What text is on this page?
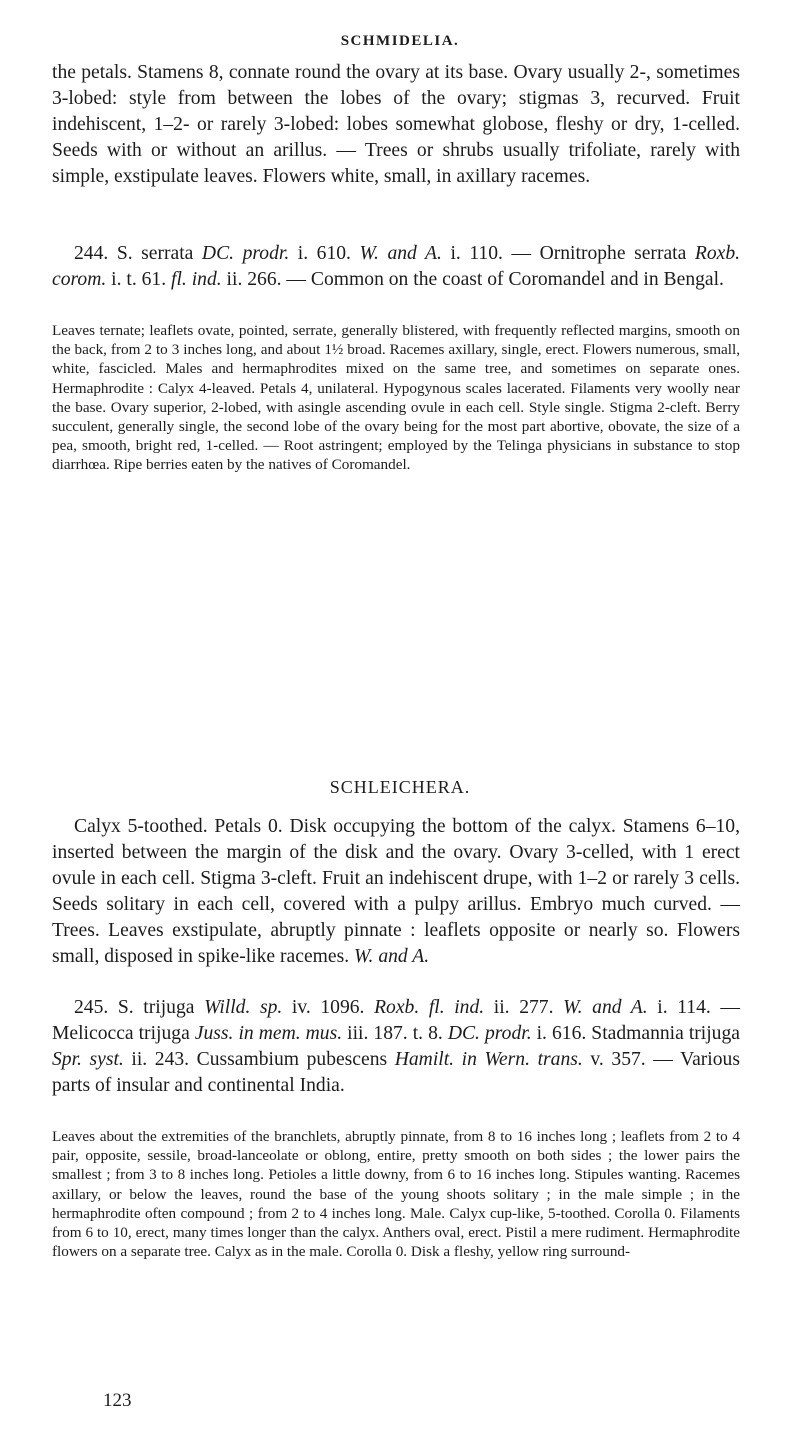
SCHMIDELIA.

the petals. Stamens 8, connate round the ovary at its base. Ovary usually 2-, sometimes 3-lobed: style from between the lobes of the ovary; stigmas 3, recurved. Fruit indehiscent, 1–2- or rarely 3-lobed: lobes somewhat globose, fleshy or dry, 1-celled. Seeds with or without an arillus. — Trees or shrubs usually trifoliate, rarely with simple, exstipulate leaves. Flowers white, small, in axillary racemes.

244. S. serrata DC. prodr. i. 610. W. and A. i. 110. — Ornitrophe serrata Roxb. corom. i. t. 61. fl. ind. ii. 266. — Common on the coast of Coromandel and in Bengal.

Leaves ternate; leaflets ovate, pointed, serrate, generally blistered, with frequently reflected margins, smooth on the back, from 2 to 3 inches long, and about 1½ broad. Racemes axillary, single, erect. Flowers numerous, small, white, fascicled. Males and hermaphrodites mixed on the same tree, and sometimes on separate ones. Hermaphrodite : Calyx 4-leaved. Petals 4, unilateral. Hypogynous scales lacerated. Filaments very woolly near the base. Ovary superior, 2-lobed, with asingle ascending ovule in each cell. Style single. Stigma 2-cleft. Berry succulent, generally single, the second lobe of the ovary being for the most part abortive, obovate, the size of a pea, smooth, bright red, 1-celled. — Root astringent; employed by the Telinga physicians in substance to stop diarrhœa. Ripe berries eaten by the natives of Coromandel.

SCHLEICHERA.

Calyx 5-toothed. Petals 0. Disk occupying the bottom of the calyx. Stamens 6–10, inserted between the margin of the disk and the ovary. Ovary 3-celled, with 1 erect ovule in each cell. Stigma 3-cleft. Fruit an indehiscent drupe, with 1–2 or rarely 3 cells. Seeds solitary in each cell, covered with a pulpy arillus. Embryo much curved. — Trees. Leaves exstipulate, abruptly pinnate : leaflets opposite or nearly so. Flowers small, disposed in spike-like racemes. W. and A.

245. S. trijuga Willd. sp. iv. 1096. Roxb. fl. ind. ii. 277. W. and A. i. 114. — Melicocca trijuga Juss. in mem. mus. iii. 187. t. 8. DC. prodr. i. 616. Stadmannia trijuga Spr. syst. ii. 243. Cussambium pubescens Hamilt. in Wern. trans. v. 357. — Various parts of insular and continental India.

Leaves about the extremities of the branchlets, abruptly pinnate, from 8 to 16 inches long ; leaflets from 2 to 4 pair, opposite, sessile, broad-lanceolate or oblong, entire, pretty smooth on both sides ; the lower pairs the smallest ; from 3 to 8 inches long. Petioles a little downy, from 6 to 16 inches long. Stipules wanting. Racemes axillary, or below the leaves, round the base of the young shoots solitary ; in the male simple ; in the hermaphrodite often compound ; from 2 to 4 inches long. Male. Calyx cup-like, 5-toothed. Corolla 0. Filaments from 6 to 10, erect, many times longer than the calyx. Anthers oval, erect. Pistil a mere rudiment. Hermaphrodite flowers on a separate tree. Calyx as in the male. Corolla 0. Disk a fleshy, yellow ring surround-

123
